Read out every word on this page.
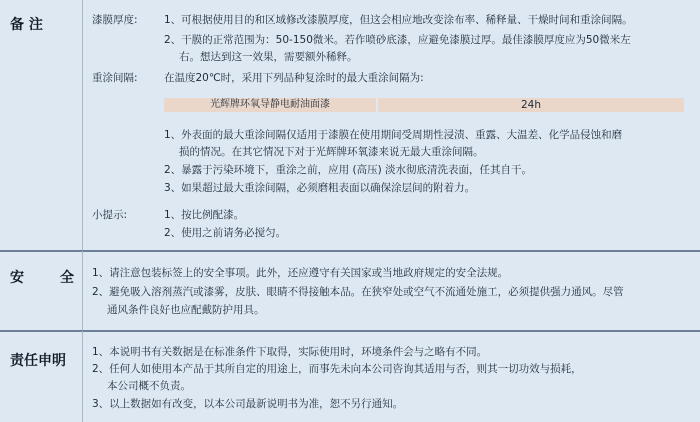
备 注	漆膜厚度:	1、可根据使用目的和区域修改漆膜厚度，但这会相应地改变涂布率、稀释量、干燥时间和重涂间隔。
2、干膜的正常范围为：50-150微米。若作喷砂底漆，应避免漆膜过厚。最佳漆膜厚度应为50微米左
右。想达到这一效果，需要额外稀释。
重涂间隔:	在温度20℃时，采用下列品种复涂时的最大重涂间隔为:
光辉牌环氧导静电耐油面漆	24h
1、外表面的最大重涂间隔仅适用于漆膜在使用期间受周期性浸渍、重露、大温差、化学品侵蚀和磨
损的情况。在其它情况下对于光辉牌环氧漆来说无最大重涂间隔。
2、暴露于污染环境下，重涂之前，应用 (高压) 淡水彻底清洗表面，任其自干。
3、如果超过最大重涂间隔，必须磨粗表面以确保涂层间的附着力。
小提示:	1、按比例配漆。
2、使用之前请务必搅匀。
安	全 1、请注意包装标签上的安全事项。此外，还应遵守有关国家或当地政府规定的安全法规。
2、避免吸入溶剂蒸汽或漆雾，皮肤、眼睛不得接触本品。在狭窄处或空气不流通处施工，必须提供强力通风。尽管
通风条件良好也应配戴防护用具。
责任申明
1、本说明书有关数据是在标准条件下取得，实际使用时，环境条件会与之略有不同。
2、任何人如使用本产品于其所自定的用途上，而事先未向本公司咨询其适用与否，则其一切功效与损耗，
本公司概不负责。
3、以上数据如有改变，以本公司最新说明书为准，恕不另行通知。
